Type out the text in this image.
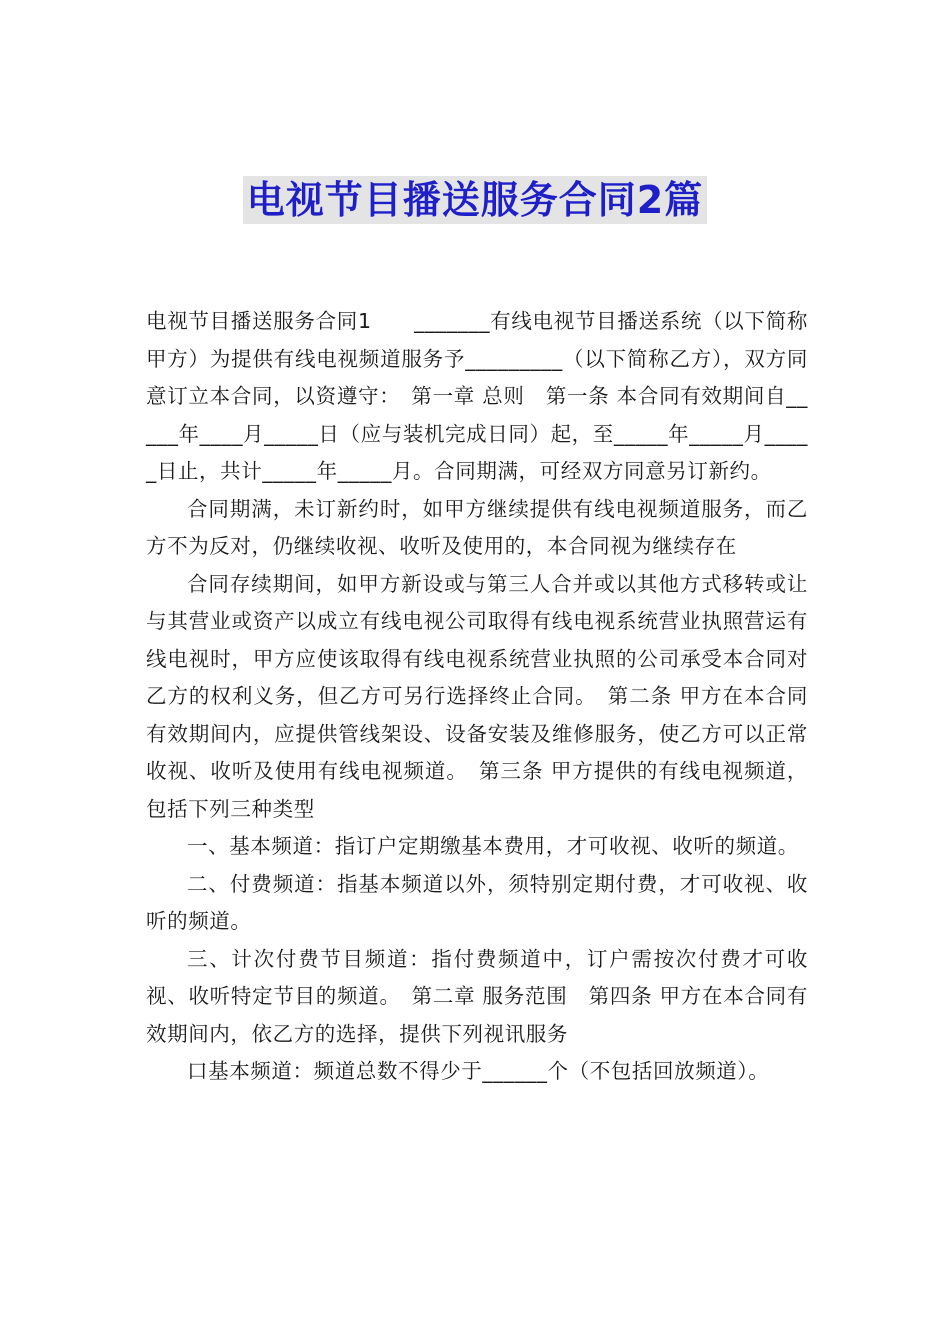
电视节目播送服务合同2篇

电视节目播送服务合同1　　_______有线电视节目播送系统（以下简称甲方）为提供有线电视频道服务予_________（以下简称乙方），双方同意订立本合同，以资遵守：　第一章 总则　第一条 本合同有效期间自_____年____月_____日（应与装机完成日同）起，至_____年_____月_____日止，共计_____年_____月。合同期满，可经双方同意另订新约。

合同期满，未订新约时，如甲方继续提供有线电视频道服务，而乙方不为反对，仍继续收视、收听及使用的，本合同视为继续存在

合同存续期间，如甲方新设或与第三人合并或以其他方式移转或让与其营业或资产以成立有线电视公司取得有线电视系统营业执照营运有线电视时，甲方应使该取得有线电视系统营业执照的公司承受本合同对乙方的权利义务，但乙方可另行选择终止合同。　第二条 甲方在本合同有效期间内，应提供管线架设、设备安装及维修服务，使乙方可以正常收视、收听及使用有线电视频道。　第三条 甲方提供的有线电视频道，包括下列三种类型

一、基本频道：指订户定期缴基本费用，才可收视、收听的频道。

二、付费频道：指基本频道以外，须特别定期付费，才可收视、收听的频道。

三、计次付费节目频道：指付费频道中，订户需按次付费才可收视、收听特定节目的频道。　第二章 服务范围　第四条 甲方在本合同有效期间内，依乙方的选择，提供下列视讯服务

口基本频道：频道总数不得少于______个（不包括回放频道）。
